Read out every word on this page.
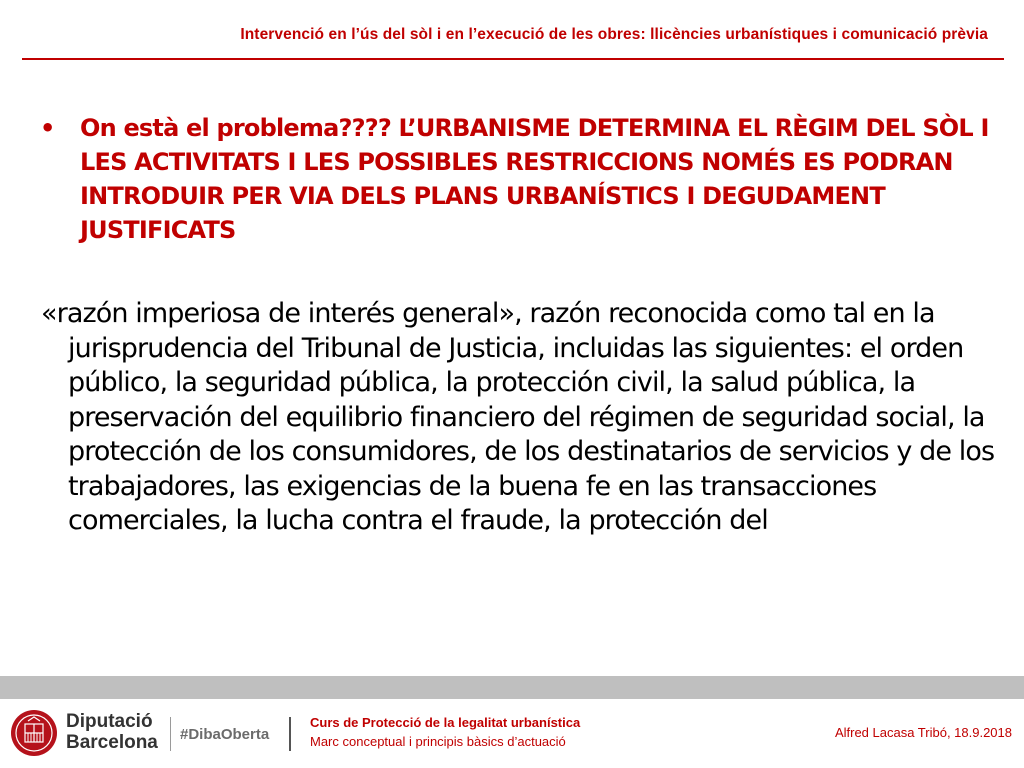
Intervenció en l’ús del sòl i en l’execució de les obres: llicències urbanístiques i comunicació prèvia
•	On està el problema???? L’URBANISME DETERMINA EL RÈGIM DEL SÒL I LES ACTIVITATS I LES POSSIBLES RESTRICCIONS NOMÉS ES PODRAN INTRODUIR PER VIA DELS PLANS URBANÍSTICS I DEGUDAMENT JUSTIFICATS
«razón imperiosa de interés general», razón reconocida como tal en la jurisprudencia del Tribunal de Justicia, incluidas las siguientes: el orden público, la seguridad pública, la protección civil, la salud pública, la preservación del equilibrio financiero del régimen de seguridad social, la protección de los consumidores, de los destinatarios de servicios y de los trabajadores, las exigencias de la buena fe en las transacciones comerciales, la lucha contra el fraude, la protección del
Diputació
Barcelona #DibaOberta
Curs de Protecció de la legalitat urbanística
Marc conceptual i principis bàsics d’actuació
Alfred Lacasa Tribó, 18.9.2018
